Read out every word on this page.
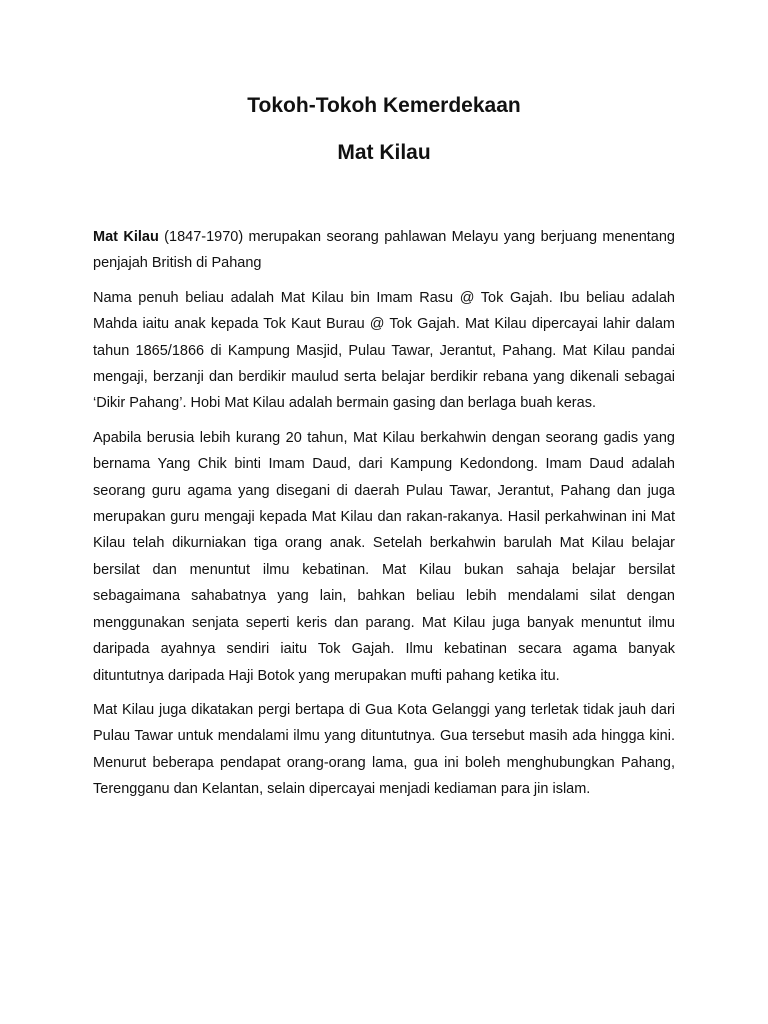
Tokoh-Tokoh Kemerdekaan
Mat Kilau

Mat Kilau (1847-1970) merupakan seorang pahlawan Melayu yang berjuang menentang penjajah British di Pahang

Nama penuh beliau adalah Mat Kilau bin Imam Rasu @ Tok Gajah. Ibu beliau adalah Mahda iaitu anak kepada Tok Kaut Burau @ Tok Gajah. Mat Kilau dipercayai lahir dalam tahun 1865/1866 di Kampung Masjid, Pulau Tawar, Jerantut, Pahang. Mat Kilau pandai mengaji, berzanji dan berdikir maulud serta belajar berdikir rebana yang dikenali sebagai ‘Dikir Pahang’. Hobi Mat Kilau adalah bermain gasing dan berlaga buah keras.

Apabila berusia lebih kurang 20 tahun, Mat Kilau berkahwin dengan seorang gadis yang bernama Yang Chik binti Imam Daud, dari Kampung Kedondong. Imam Daud adalah seorang guru agama yang disegani di daerah Pulau Tawar, Jerantut, Pahang dan juga merupakan guru mengaji kepada Mat Kilau dan rakan-rakanya. Hasil perkahwinan ini Mat Kilau telah dikurniakan tiga orang anak. Setelah berkahwin barulah Mat Kilau belajar bersilat dan menuntut ilmu kebatinan. Mat Kilau bukan sahaja belajar bersilat sebagaimana sahabatnya yang lain, bahkan beliau lebih mendalami silat dengan menggunakan senjata seperti keris dan parang. Mat Kilau juga banyak menuntut ilmu daripada ayahnya sendiri iaitu Tok Gajah. Ilmu kebatinan secara agama banyak dituntutnya daripada Haji Botok yang merupakan mufti pahang ketika itu.

Mat Kilau juga dikatakan pergi bertapa di Gua Kota Gelanggi yang terletak tidak jauh dari Pulau Tawar untuk mendalami ilmu yang dituntutnya. Gua tersebut masih ada hingga kini. Menurut beberapa pendapat orang-orang lama, gua ini boleh menghubungkan Pahang, Terengganu dan Kelantan, selain dipercayai menjadi kediaman para jin islam.
